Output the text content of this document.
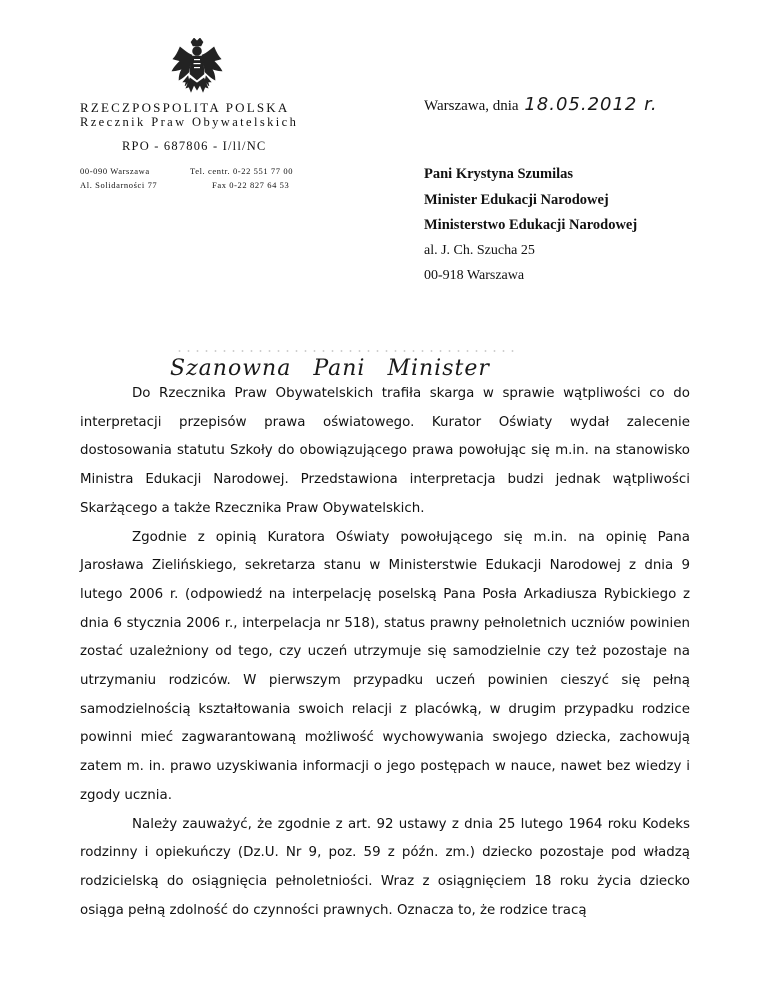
RZECZPOSPOLITA POLSKA
Rzecznik Praw Obywatelskich
RPO - 687806 - I/ll/NC
00-090 Warszawa
Al. Solidarności 77
Tel. centr. 0-22 551 77 00
Fax 0-22 827 64 53
Warszawa, dnia 18.05.2012 r.
Pani Krystyna Szumilas
Minister Edukacji Narodowej
Ministerstwo Edukacji Narodowej
al. J. Ch. Szucha 25
00-918 Warszawa
Szanowna Pani Minister

Do Rzecznika Praw Obywatelskich trafiła skarga w sprawie wątpliwości co do interpretacji przepisów prawa oświatowego. Kurator Oświaty wydał zalecenie dostosowania statutu Szkoły do obowiązującego prawa powołując się m.in. na stanowisko Ministra Edukacji Narodowej. Przedstawiona interpretacja budzi jednak wątpliwości Skarżącego a także Rzecznika Praw Obywatelskich.

Zgodnie z opinią Kuratora Oświaty powołującego się m.in. na opinię Pana Jarosława Zielińskiego, sekretarza stanu w Ministerstwie Edukacji Narodowej z dnia 9 lutego 2006 r. (odpowiedź na interpelację poselską Pana Posła Arkadiusza Rybickiego z dnia 6 stycznia 2006 r., interpelacja nr 518), status prawny pełnoletnich uczniów powinien zostać uzależniony od tego, czy uczeń utrzymuje się samodzielnie czy też pozostaje na utrzymaniu rodziców. W pierwszym przypadku uczeń powinien cieszyć się pełną samodzielnością kształtowania swoich relacji z placówką, w drugim przypadku rodzice powinni mieć zagwarantowaną możliwość wychowywania swojego dziecka, zachowują zatem m. in. prawo uzyskiwania informacji o jego postępach w nauce, nawet bez wiedzy i zgody ucznia.

Należy zauważyć, że zgodnie z art. 92 ustawy z dnia 25 lutego 1964 roku Kodeks rodzinny i opiekuńczy (Dz.U. Nr 9, poz. 59 z późn. zm.) dziecko pozostaje pod władzą rodzicielską do osiągnięcia pełnoletniości. Wraz z osiągnięciem 18 roku życia dziecko osiąga pełną zdolność do czynności prawnych. Oznacza to, że rodzice tracą
